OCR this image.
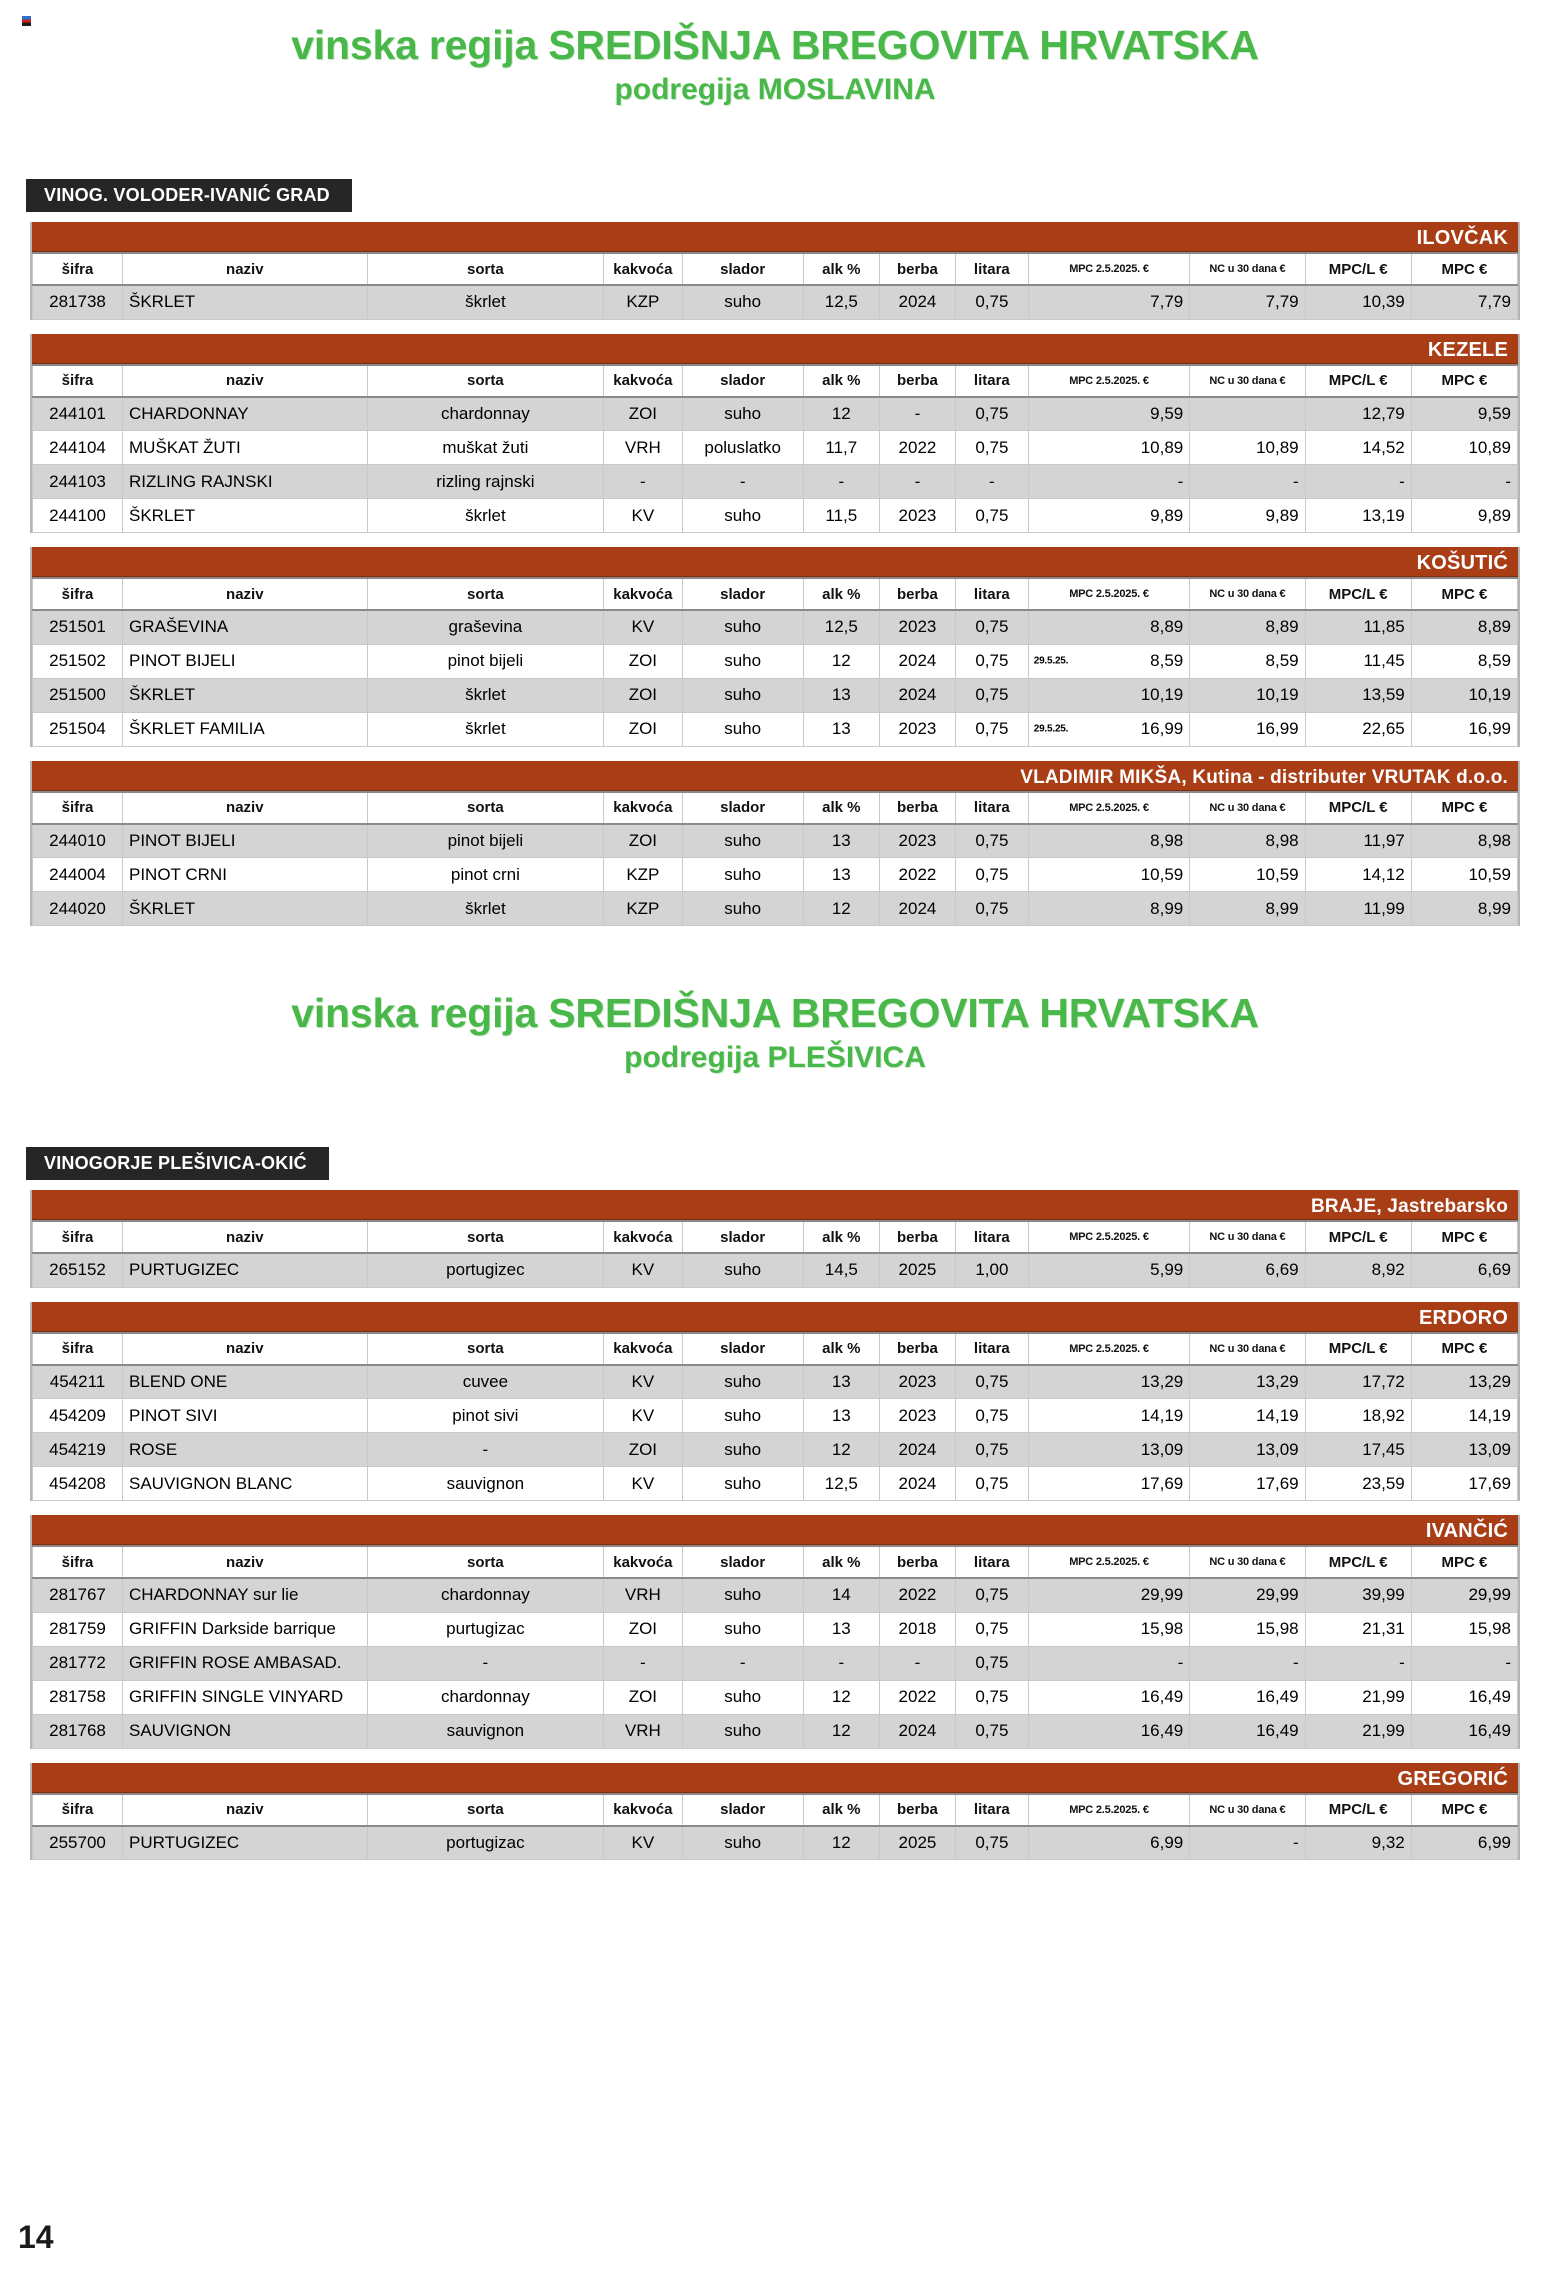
vinska regija SREDIŠNJA BREGOVITA HRVATSKA
podregija MOSLAVINA
VINOG. VOLODER-IVANIĆ GRAD
ILOVČAK
šifra	naziv	sorta	kakvoća	slador	alk %	berba	litara	MPC 2.5.2025. €	NC u 30 dana €	MPC/L €	MPC €
281738	ŠKRLET	škrlet	KZP	suho	12,5	2024	0,75	7,79	7,79	10,39	7,79
KEZELE
šifra	naziv	sorta	kakvoća	slador	alk %	berba	litara	MPC 2.5.2025. €	NC u 30 dana €	MPC/L €	MPC €
244101	CHARDONNAY	chardonnay	ZOI	suho	12	-	0,75	9,59		12,79	9,59
244104	MUŠKAT ŽUTI	muškat žuti	VRH	poluslatko	11,7	2022	0,75	10,89	10,89	14,52	10,89
244103	RIZLING RAJNSKI	rizling rajnski	-	-	-	-	-	-	-	-	-
244100	ŠKRLET	škrlet	KV	suho	11,5	2023	0,75	9,89	9,89	13,19	9,89
KOŠUTIĆ
šifra	naziv	sorta	kakvoća	slador	alk %	berba	litara	MPC 2.5.2025. €	NC u 30 dana €	MPC/L €	MPC €
251501	GRAŠEVINA	graševina	KV	suho	12,5	2023	0,75	8,89	8,89	11,85	8,89
251502	PINOT BIJELI	pinot bijeli	ZOI	suho	12	2024	0,75	29.5.25. 8,59	8,59	11,45	8,59
251500	ŠKRLET	škrlet	ZOI	suho	13	2024	0,75	10,19	10,19	13,59	10,19
251504	ŠKRLET FAMILIA	škrlet	ZOI	suho	13	2023	0,75	29.5.25. 16,99	16,99	22,65	16,99
VLADIMIR MIKŠA, Kutina - distributer VRUTAK d.o.o.
šifra	naziv	sorta	kakvoća	slador	alk %	berba	litara	MPC 2.5.2025. €	NC u 30 dana €	MPC/L €	MPC €
244010	PINOT BIJELI	pinot bijeli	ZOI	suho	13	2023	0,75	8,98	8,98	11,97	8,98
244004	PINOT CRNI	pinot crni	KZP	suho	13	2022	0,75	10,59	10,59	14,12	10,59
244020	ŠKRLET	škrlet	KZP	suho	12	2024	0,75	8,99	8,99	11,99	8,99
vinska regija SREDIŠNJA BREGOVITA HRVATSKA
podregija PLEŠIVICA
VINOGORJE PLEŠIVICA-OKIĆ
BRAJE, Jastrebarsko
šifra	naziv	sorta	kakvoća	slador	alk %	berba	litara	MPC 2.5.2025. €	NC u 30 dana €	MPC/L €	MPC €
265152	PURTUGIZEC	portugizec	KV	suho	14,5	2025	1,00	5,99	6,69	8,92	6,69
ERDORO
šifra	naziv	sorta	kakvoća	slador	alk %	berba	litara	MPC 2.5.2025. €	NC u 30 dana €	MPC/L €	MPC €
454211	BLEND ONE	cuvee	KV	suho	13	2023	0,75	13,29	13,29	17,72	13,29
454209	PINOT SIVI	pinot sivi	KV	suho	13	2023	0,75	14,19	14,19	18,92	14,19
454219	ROSE	-	ZOI	suho	12	2024	0,75	13,09	13,09	17,45	13,09
454208	SAUVIGNON BLANC	sauvignon	KV	suho	12,5	2024	0,75	17,69	17,69	23,59	17,69
IVANČIĆ
šifra	naziv	sorta	kakvoća	slador	alk %	berba	litara	MPC 2.5.2025. €	NC u 30 dana €	MPC/L €	MPC €
281767	CHARDONNAY sur lie	chardonnay	VRH	suho	14	2022	0,75	29,99	29,99	39,99	29,99
281759	GRIFFIN Darkside barrique	purtugizac	ZOI	suho	13	2018	0,75	15,98	15,98	21,31	15,98
281772	GRIFFIN ROSE AMBASAD.	-	-	-	-	-	0,75	-	-	-	-
281758	GRIFFIN SINGLE VINYARD	chardonnay	ZOI	suho	12	2022	0,75	16,49	16,49	21,99	16,49
281768	SAUVIGNON	sauvignon	VRH	suho	12	2024	0,75	16,49	16,49	21,99	16,49
GREGORIĆ
šifra	naziv	sorta	kakvoća	slador	alk %	berba	litara	MPC 2.5.2025. €	NC u 30 dana €	MPC/L €	MPC €
255700	PURTUGIZEC	portugizac	KV	suho	12	2025	0,75	6,99	-	9,32	6,99
14
